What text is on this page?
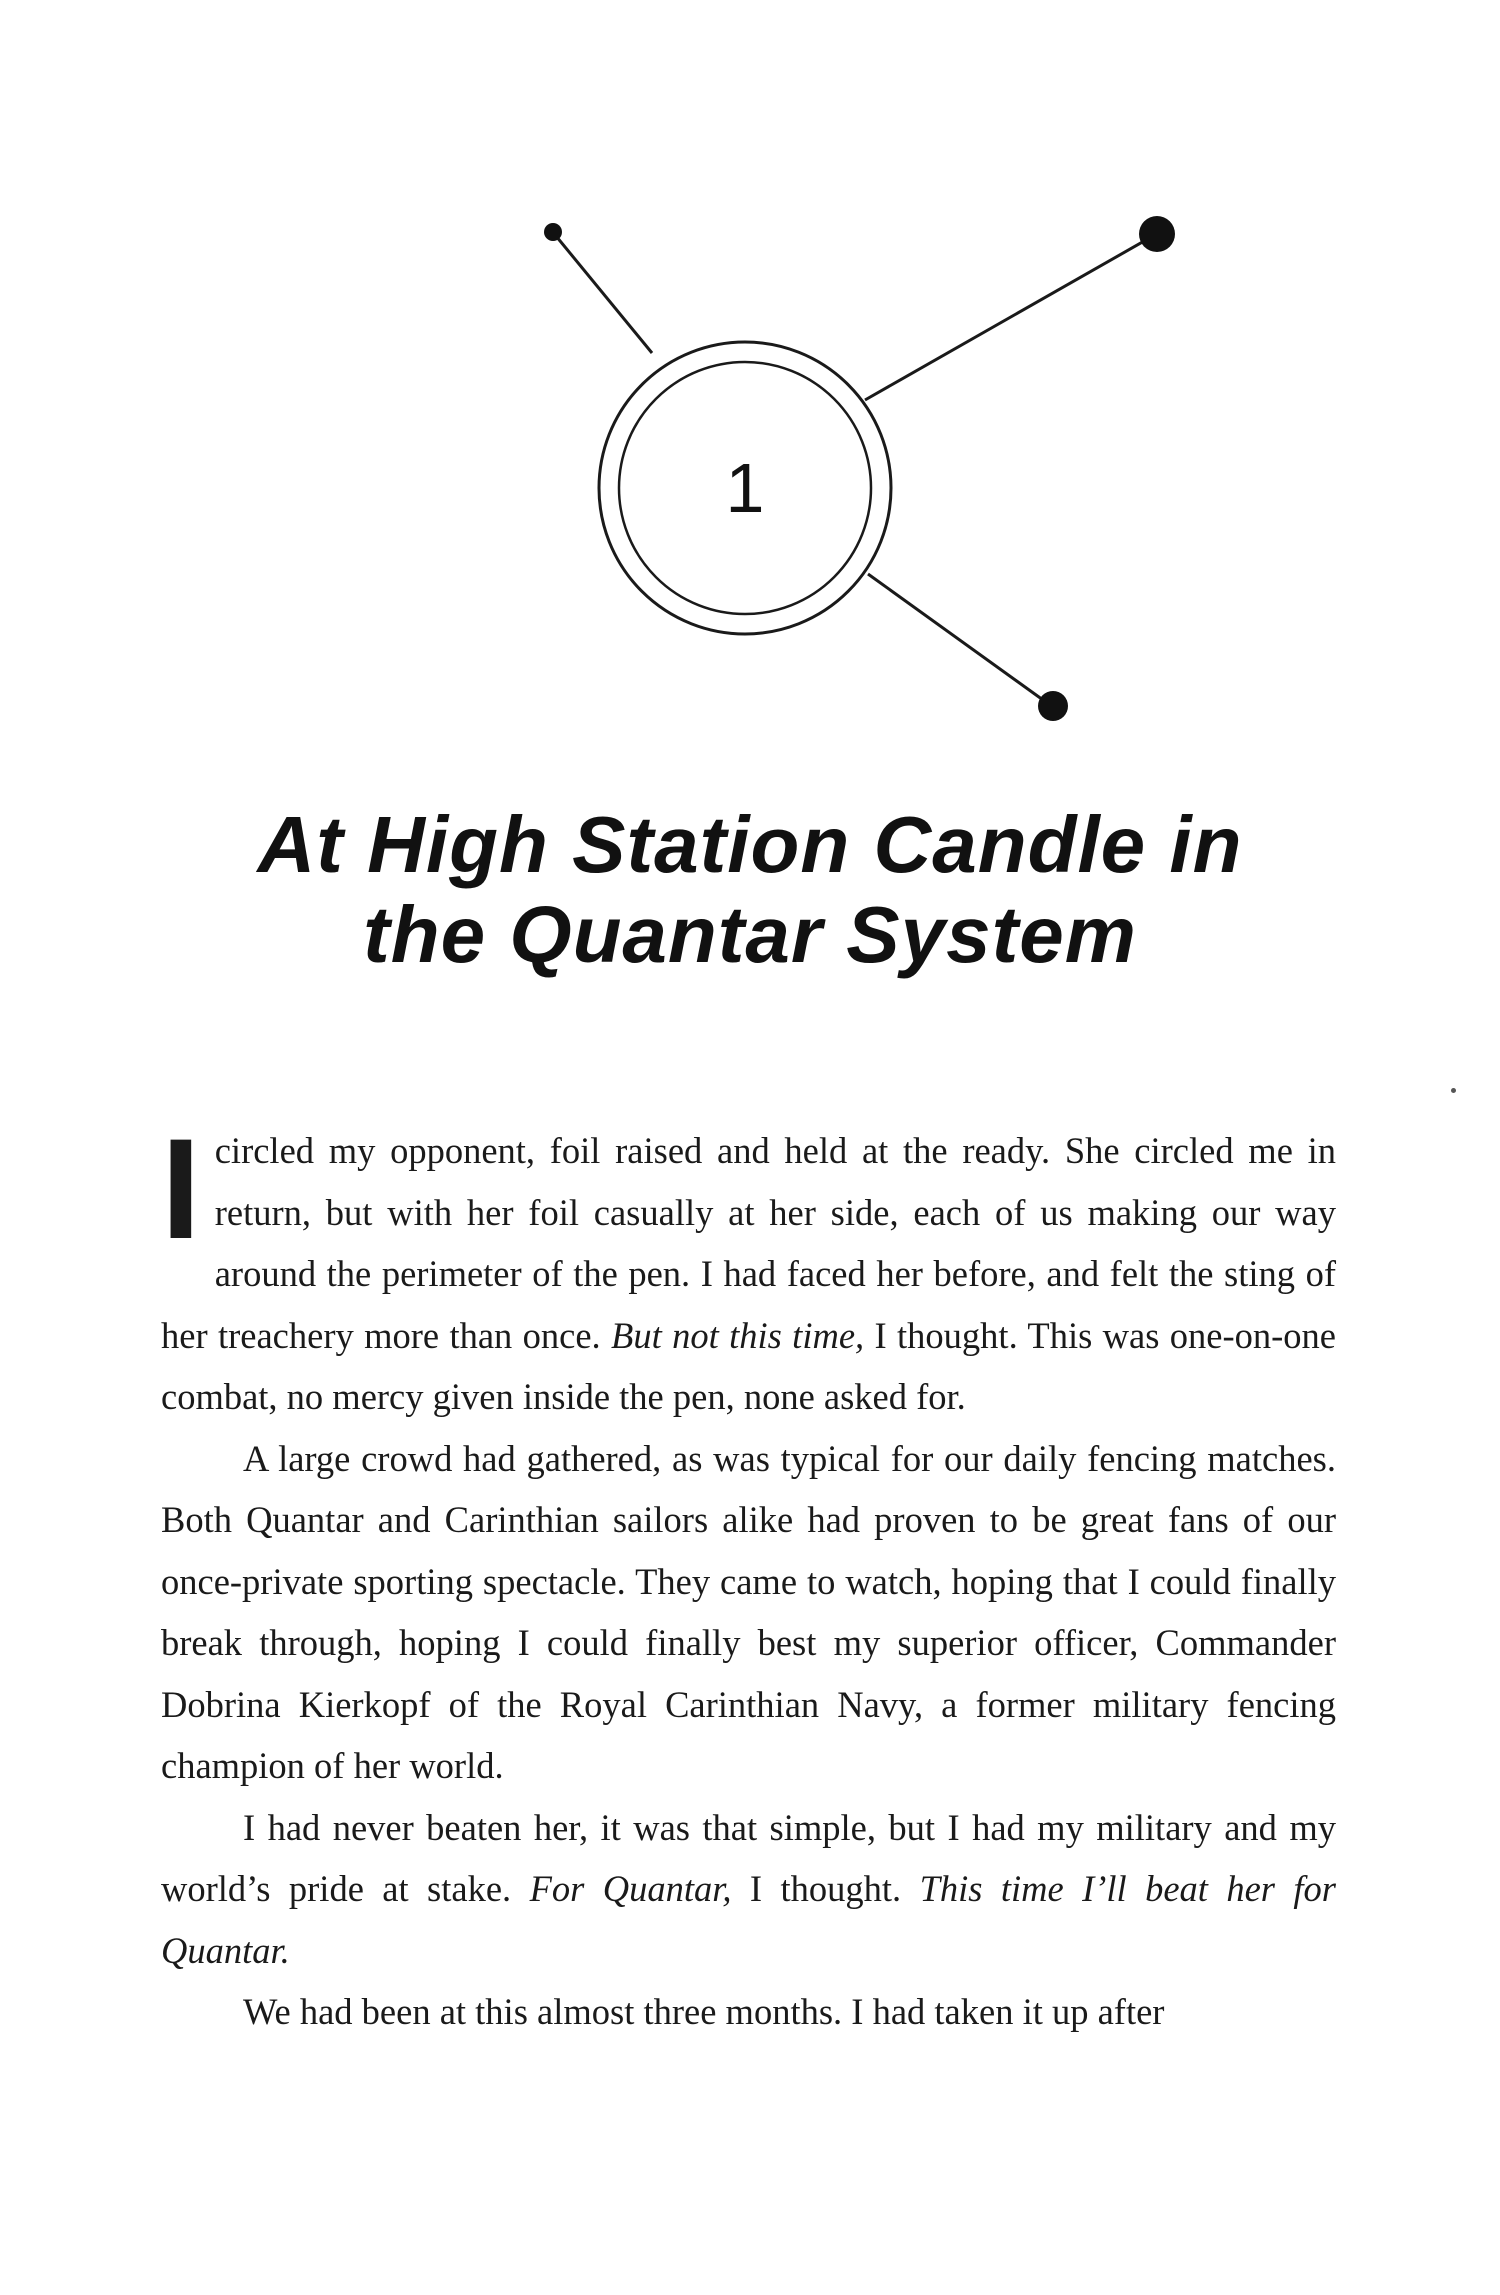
1
At High Station Candle in
the Quantar System

I circled my opponent, foil raised and held at the ready. She circled me in return, but with her foil casually at her side, each of us making our way around the perimeter of the pen. I had faced her before, and felt the sting of her treachery more than once. But not this time, I thought. This was one-on-one combat, no mercy given inside the pen, none asked for.

A large crowd had gathered, as was typical for our daily fencing matches. Both Quantar and Carinthian sailors alike had proven to be great fans of our once-private sporting spectacle. They came to watch, hoping that I could finally break through, hoping I could finally best my superior officer, Commander Dobrina Kierkopf of the Royal Carinthian Navy, a former military fencing champion of her world.

I had never beaten her, it was that simple, but I had my military and my world’s pride at stake. For Quantar, I thought. This time I’ll beat her for Quantar.

We had been at this almost three months. I had taken it up after
